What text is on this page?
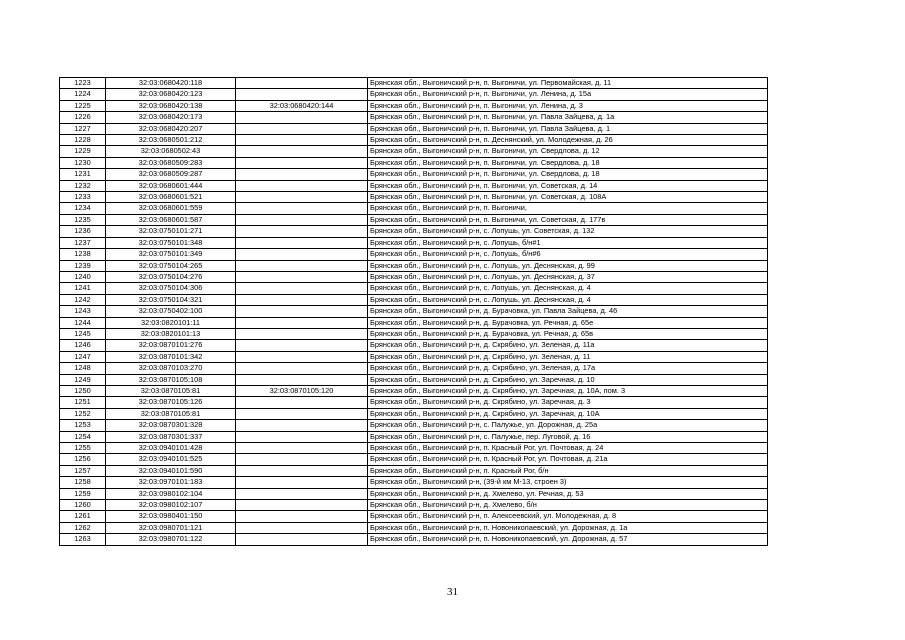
1223	32:03:0680420:118		Брянская обл., Выгоничский р-н, п. Выгоничи, ул. Первомайская, д. 11
1224	32:03:0680420:123		Брянская обл., Выгоничский р-н, п. Выгоничи, ул. Ленина, д. 15а
1225	32:03:0680420:138	32:03:0680420:144	Брянская обл., Выгоничский р-н, п. Выгоничи, ул. Ленина, д. 3
1226	32:03:0680420:173		Брянская обл., Выгоничский р-н, п. Выгоничи, ул. Павла Зайцева, д. 1а
1227	32:03:0680420:207		Брянская обл., Выгоничский р-н, п. Выгоничи, ул. Павла Зайцева, д. 1
1228	32:03:0680501:212		Брянская обл., Выгоничский р-н, п. Деснянский, ул. Молодежная, д. 26
1229	32:03:0680502:43		Брянская обл., Выгоничский р-н, п. Выгоничи, ул. Свердлова, д. 12
1230	32:03:0680509:283		Брянская обл., Выгоничский р-н, п. Выгоничи, ул. Свердлова, д. 18
1231	32:03:0680509:287		Брянская обл., Выгоничский р-н, п. Выгоничи, ул. Свердлова, д. 18
1232	32:03:0680601:444		Брянская обл., Выгоничский р-н, п. Выгоничи, ул. Советская, д. 14
1233	32:03:0680601:521		Брянская обл., Выгоничский р-н, п. Выгоничи, ул. Советская, д. 108А
1234	32:03:0680601:559		Брянская обл., Выгоничский р-н, п. Выгоничи,
1235	32:03:0680601:587		Брянская обл., Выгоничский р-н, п. Выгоничи, ул. Советская, д. 177в
1236	32:03:0750101:271		Брянская обл., Выгоничский р-н, с. Лопушь, ул. Советская, д. 132
1237	32:03:0750101:348		Брянская обл., Выгоничский р-н, с. Лопушь, б/н#1
1238	32:03:0750101:349		Брянская обл., Выгоничский р-н, с. Лопушь, б/н#6
1239	32:03:0750104:265		Брянская обл., Выгоничский р-н, с. Лопушь, ул. Деснянская, д. 99
1240	32:03:0750104:276		Брянская обл., Выгоничский р-н, с. Лопушь, ул. Деснянская, д. 37
1241	32:03:0750104:306		Брянская обл., Выгоничский р-н, с. Лопушь, ул. Деснянская, д. 4
1242	32:03:0750104:321		Брянская обл., Выгоничский р-н, с. Лопушь, ул. Деснянская, д. 4
1243	32:03:0750402:100		Брянская обл., Выгоничский р-н, д. Бурачовка, ул. Павла Зайцева, д. 46
1244	32:03:0820101:11		Брянская обл., Выгоничский р-н, д. Бурачовка, ул. Речная, д. 65е
1245	32:03:0820101:13		Брянская обл., Выгоничский р-н, д. Бурачовка, ул. Речная, д. 65в
1246	32:03:0870101:276		Брянская обл., Выгоничский р-н, д. Скрябино, ул. Зеленая, д. 11а
1247	32:03:0870101:342		Брянская обл., Выгоничский р-н, д. Скрябино, ул. Зеленая, д. 11
1248	32:03:0870103:270		Брянская обл., Выгоничский р-н, д. Скрябино, ул. Зеленая, д. 17а
1249	32:03:0870105:108		Брянская обл., Выгоничский р-н, д. Скрябино, ул. Заречная, д. 10
1250	32:03:0870105:81	32:03:0870105:120	Брянская обл., Выгоничский р-н, д. Скрябино, ул. Заречная, д. 10А, пом. 3
1251	32:03:0870105:126		Брянская обл., Выгоничский р-н, д. Скрябино, ул. Заречная, д. 3
1252	32:03:0870105:81		Брянская обл., Выгоничский р-н, д. Скрябино, ул. Заречная, д. 10А
1253	32:03:0870301:328		Брянская обл., Выгоничский р-н, с. Палужье, ул. Дорожная, д. 25а
1254	32:03:0870301:337		Брянская обл., Выгоничский р-н, с. Палужье, пер. Луговой, д. 16
1255	32:03:0940101:428		Брянская обл., Выгоничский р-н, п. Красный Рог, ул. Почтовая, д. 24
1256	32:03:0940101:525		Брянская обл., Выгоничский р-н, п. Красный Рог, ул. Почтовая, д. 21а
1257	32:03:0940101:590		Брянская обл., Выгоничский р-н, п. Красный Рог, б/н
1258	32:03:0970101:183		Брянская обл., Выгоничский р-н, (39-й км М-13, строен 3)
1259	32:03:0980102:104		Брянская обл., Выгоничский р-н, д. Хмелево, ул. Речная, д. 53
1260	32:03:0980102:107		Брянская обл., Выгоничский р-н, д. Хмелево, б/н
1261	32:03:0980401:150		Брянская обл., Выгоничский р-н, п. Алексеевский, ул. Молодежная, д. 8
1262	32:03:0980701:121		Брянская обл., Выгоничский р-н, п. Новоникопаевский, ул. Дорожная, д. 1а
1263	32:03:0980701:122		Брянская обл., Выгоничский р-н, п. Новоникопаевский, ул. Дорожная, д. 57
31
